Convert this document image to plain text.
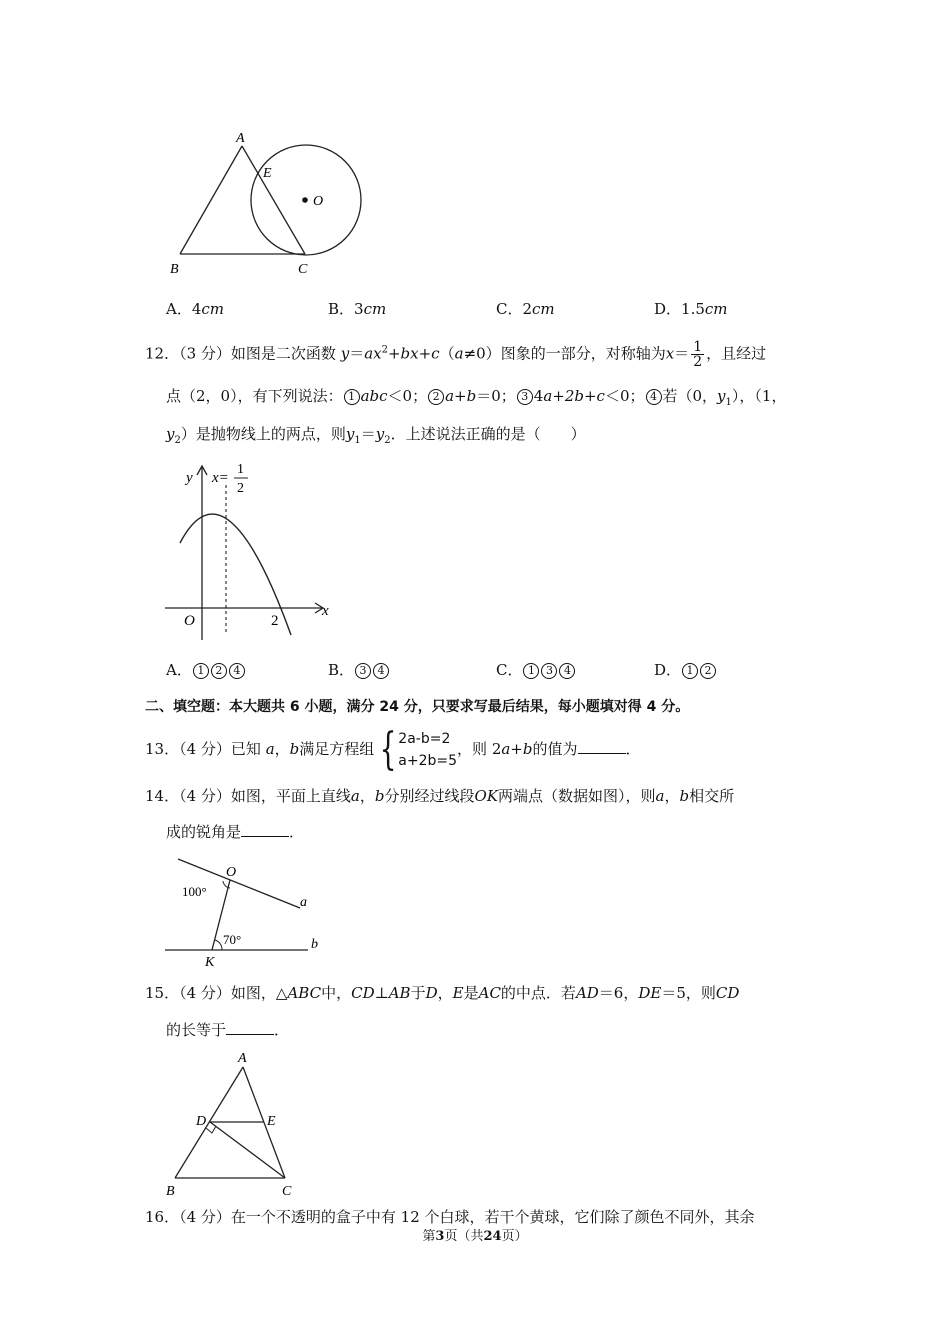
A
E
O
B	C
A．4cm	B．3cm	C．2cm	D．1.5cm
12．（3 分）如图是二次函数 $y=ax^2+bx+c(a\ne 0)$图象的一部分，对称轴为$x= \frac{1}{2}$ ，且经过
点（2，0），有下列说法： 1 abc＜0； 2 a+b＝0； 3 4a+2b+c＜0； 4 若（0，$y_1$），（1，
$y_2$）是抛物线上的两点，则$y_1=y_2$．上述说法正确的是（　　）
y x=
1
2
O	2
x
A． 1 2 4	B． 3 4	C． 1 3 4	D． 1 2
二、填空题：本大题共 6 小题，满分 24 分，只要求写最后结果，每小题填对得 4 分。
13．（4 分）已知 a，b满足方程组 { 2a-b=2
a+2b=5
，则 2a+b的值为	．
14．（4 分）如图，平面上直线a，b分别经过线段OK两端点（数据如图），则a，b相交所
成的锐角是	．
O
100°
a
70°	b
K
15．（4 分）如图，△ABC中，CD⊥AB于D，E是AC的中点．若AD＝6，DE＝5，则CD
的长等于	．
A
D	E
B	C
16．（4 分）在一个不透明的盒子中有 12 个白球，若干个黄球，它们除了颜色不同外，其余
第3页（共24页）
